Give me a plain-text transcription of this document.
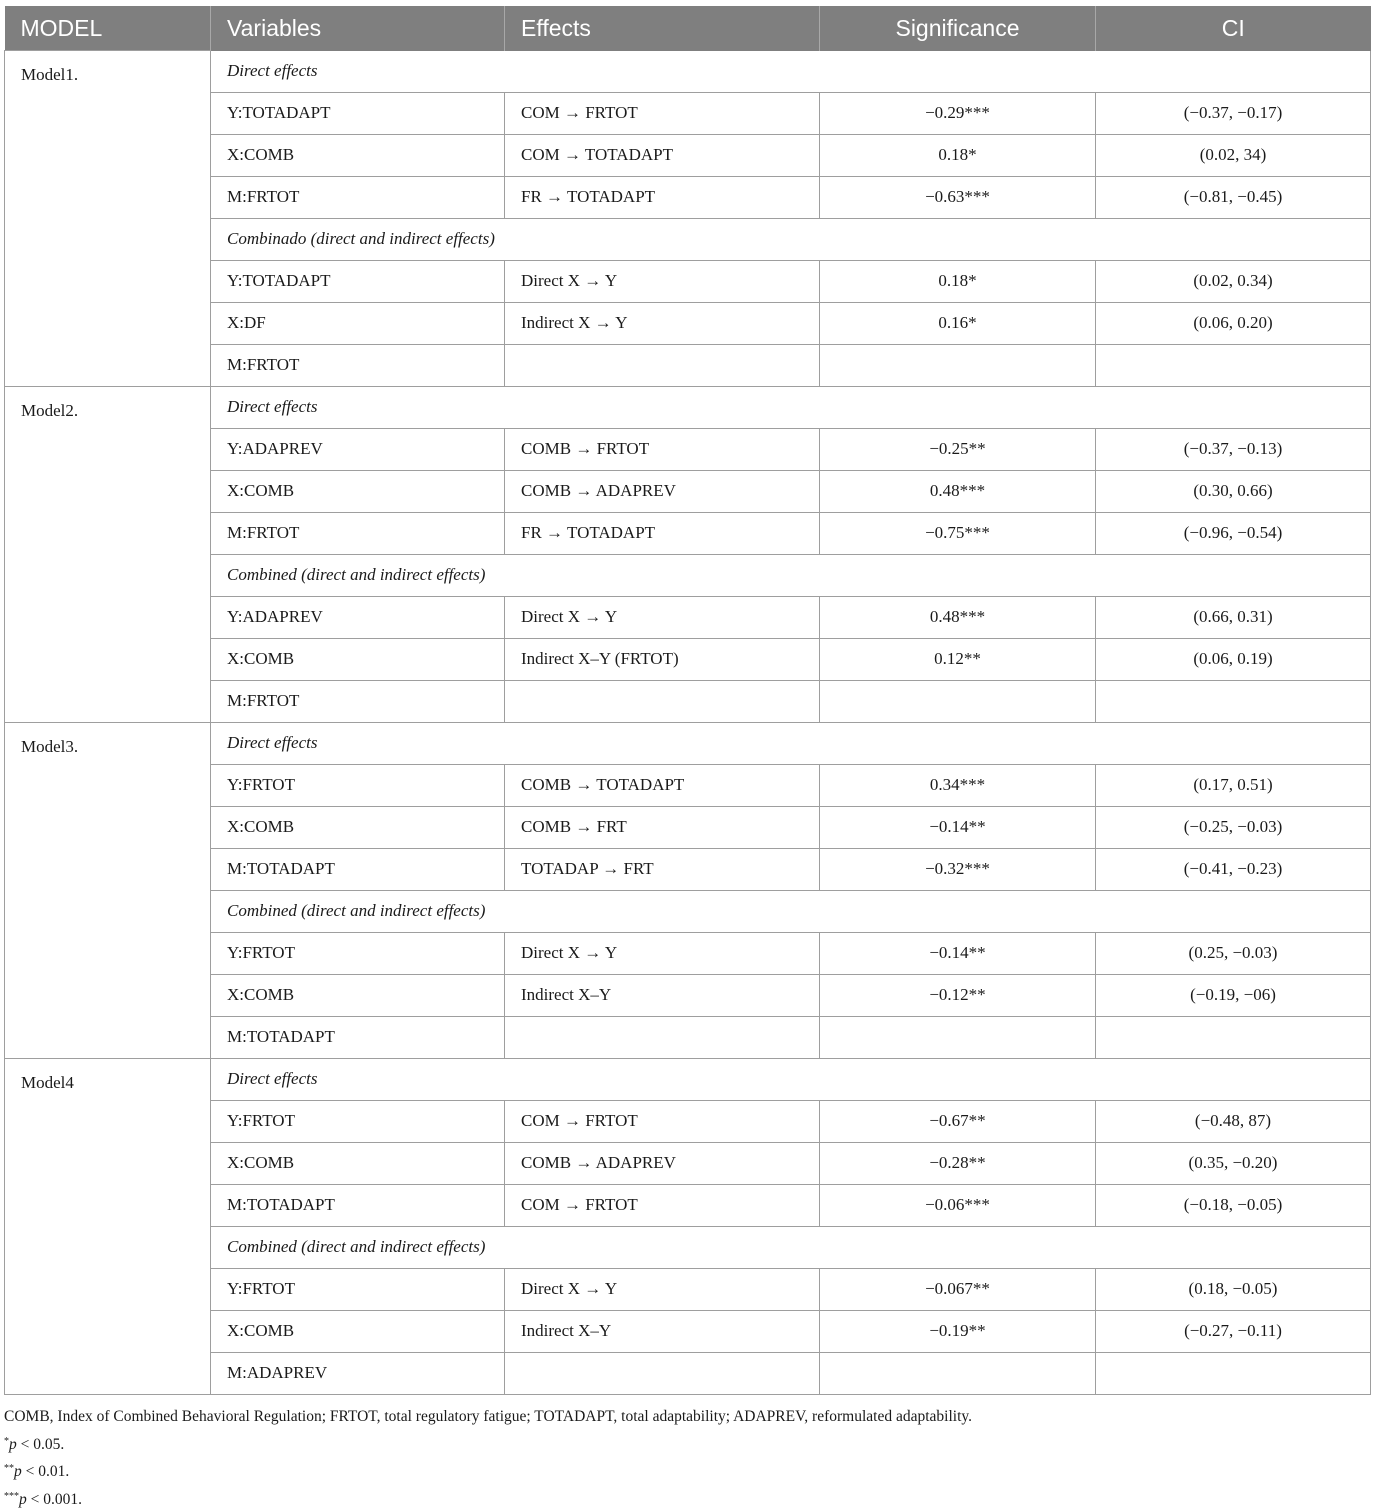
MODEL	Variables	Effects	Significance	CI
Model1.	Direct effects			
	Y:TOTADAPT	COM → FRTOT	−0.29***	(−0.37, −0.17)
	X:COMB	COM → TOTADAPT	0.18*	(0.02, 34)
	M:FRTOT	FR → TOTADAPT	−0.63***	(−0.81, −0.45)
	Combinado (direct and indirect effects)			
	Y:TOTADAPT	Direct X → Y	0.18*	(0.02, 0.34)
	X:DF	Indirect X → Y	0.16*	(0.06, 0.20)
	M:FRTOT			
Model2.	Direct effects			
	Y:ADAPREV	COMB → FRTOT	−0.25**	(−0.37, −0.13)
	X:COMB	COMB → ADAPREV	0.48***	(0.30, 0.66)
	M:FRTOT	FR → TOTADAPT	−0.75***	(−0.96, −0.54)
	Combined (direct and indirect effects)			
	Y:ADAPREV	Direct X → Y	0.48***	(0.66, 0.31)
	X:COMB	Indirect X–Y (FRTOT)	0.12**	(0.06, 0.19)
	M:FRTOT			
Model3.	Direct effects			
	Y:FRTOT	COMB → TOTADAPT	0.34***	(0.17, 0.51)
	X:COMB	COMB → FRT	−0.14**	(−0.25, −0.03)
	M:TOTADAPT	TOTADAP → FRT	−0.32***	(−0.41, −0.23)
	Combined (direct and indirect effects)			
	Y:FRTOT	Direct X → Y	−0.14**	(0.25, −0.03)
	X:COMB	Indirect X–Y	−0.12**	(−0.19, −06)
	M:TOTADAPT			
Model4	Direct effects			
	Y:FRTOT	COM → FRTOT	−0.67**	(−0.48, 87)
	X:COMB	COMB → ADAPREV	−0.28**	(0.35, −0.20)
	M:TOTADAPT	COM → FRTOT	−0.06***	(−0.18, −0.05)
	Combined (direct and indirect effects)			
	Y:FRTOT	Direct X → Y	−0.067**	(0.18, −0.05)
	X:COMB	Indirect X–Y	−0.19**	(−0.27, −0.11)
	M:ADAPREV			
COMB, Index of Combined Behavioral Regulation; FRTOT, total regulatory fatigue; TOTADAPT, total adaptability; ADAPREV, reformulated adaptability.
*p < 0.05.
**p < 0.01.
***p < 0.001.
